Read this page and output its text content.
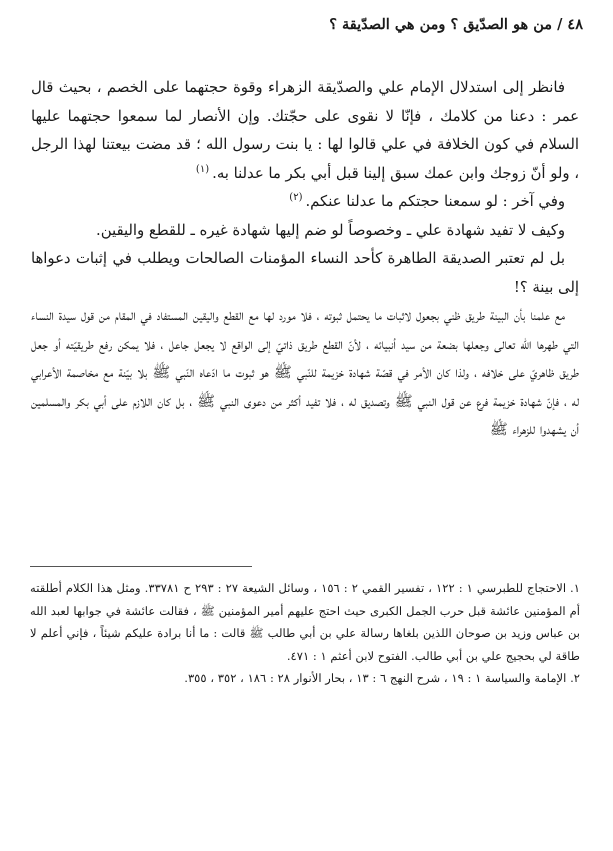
٤٨ / من هو الصدّيق ؟ ومن هي الصدّيقة ؟

فانظر إلى استدلال الإمام علي والصدّيقة الزهراء وقوة حجتهما على الخصم ، بحيث قال عمر : دعنا من كلامك ، فإنّا لا نقوى على حجّتك. وإن الأنصار لما سمعوا حجتهما عليها السلام في كون الخلافة في علي قالوا لها : يا بنت رسول الله ؛ قد مضت بيعتنا لهذا الرجل ، ولو أنّ زوجك وابن عمك سبق إلينا قبل أبي بكر ما عدلنا به.$^{(١)}$

وفي آخر : لو سمعنا حجتكم ما عدلنا عنكم.$^{(٢)}$

وكيف لا تفيد شهادة علي ـ وخصوصاً لو ضم إليها شهادة غيره ـ للقطع واليقين.

بل لم تعتبر الصديقة الطاهرة كأحد النساء المؤمنات الصالحات ويطلب في إثبات دعواها إلى بينة ؟!

مع علمنا بأن البينة طريق ظني بجعول لاثبات ما يحتمل ثبوته ، فلا مورد لها مع القطع واليقين المستفاد في المقام من قول سيدة النساء التي طهرها الله تعالى وجعلها بضعة من سيد أنبيائه ، لأنّ القطع طريق ذاتيّ إلى الواقع لا يجعل جاعل ، فلا يمكن رفع طريقيّته أو جعل طريق ظاهريّ على خلافه ، ولذا كان الأمر في قصّة شهادة خزيمة للنّبي ﷺ هو ثبوت ما ادّعاه النّبي ﷺ بلا بيّنة مع مخاصمة الأعرابي له ، فإنّ شهادة خزيمة فرع عن قول النبي ﷺ وتصديق له ، فلا تفيد أكثر من دعوى النبي ﷺ ، بل كان اللازم على أبي بكر والمسلمين أن يشهدوا للزهراء ﷺ

١. الاحتجاج للطبرسي ١ : ١٢٢ ، تفسير القمي ٢ : ١٥٦ ، وسائل الشيعة ٢٧ : ٢٩٣ ح ٣٣٧٨١. ومثل هذا الكلام أطلقته أم المؤمنين عائشة قبل حرب الجمل الكبرى حيث احتج عليهم أمير المؤمنين ﷺ ، فقالت عائشة في جوابها لعبد الله بن عباس وزيد بن صوحان اللذين بلغاها رسالة علي بن أبي طالب ﷺ قالت : ما أنا برادة عليكم شيئاً ، فإني أعلم لا طاقة لي بحجيج علي بن أبي طالب. الفتوح لابن أعثم ١ : ٤٧١.

٢. الإمامة والسياسة ١ : ١٩ ، شرح النهج ٦ : ١٣ ، بحار الأنوار ٢٨ : ١٨٦ ، ٣٥٢ ، ٣٥٥.
